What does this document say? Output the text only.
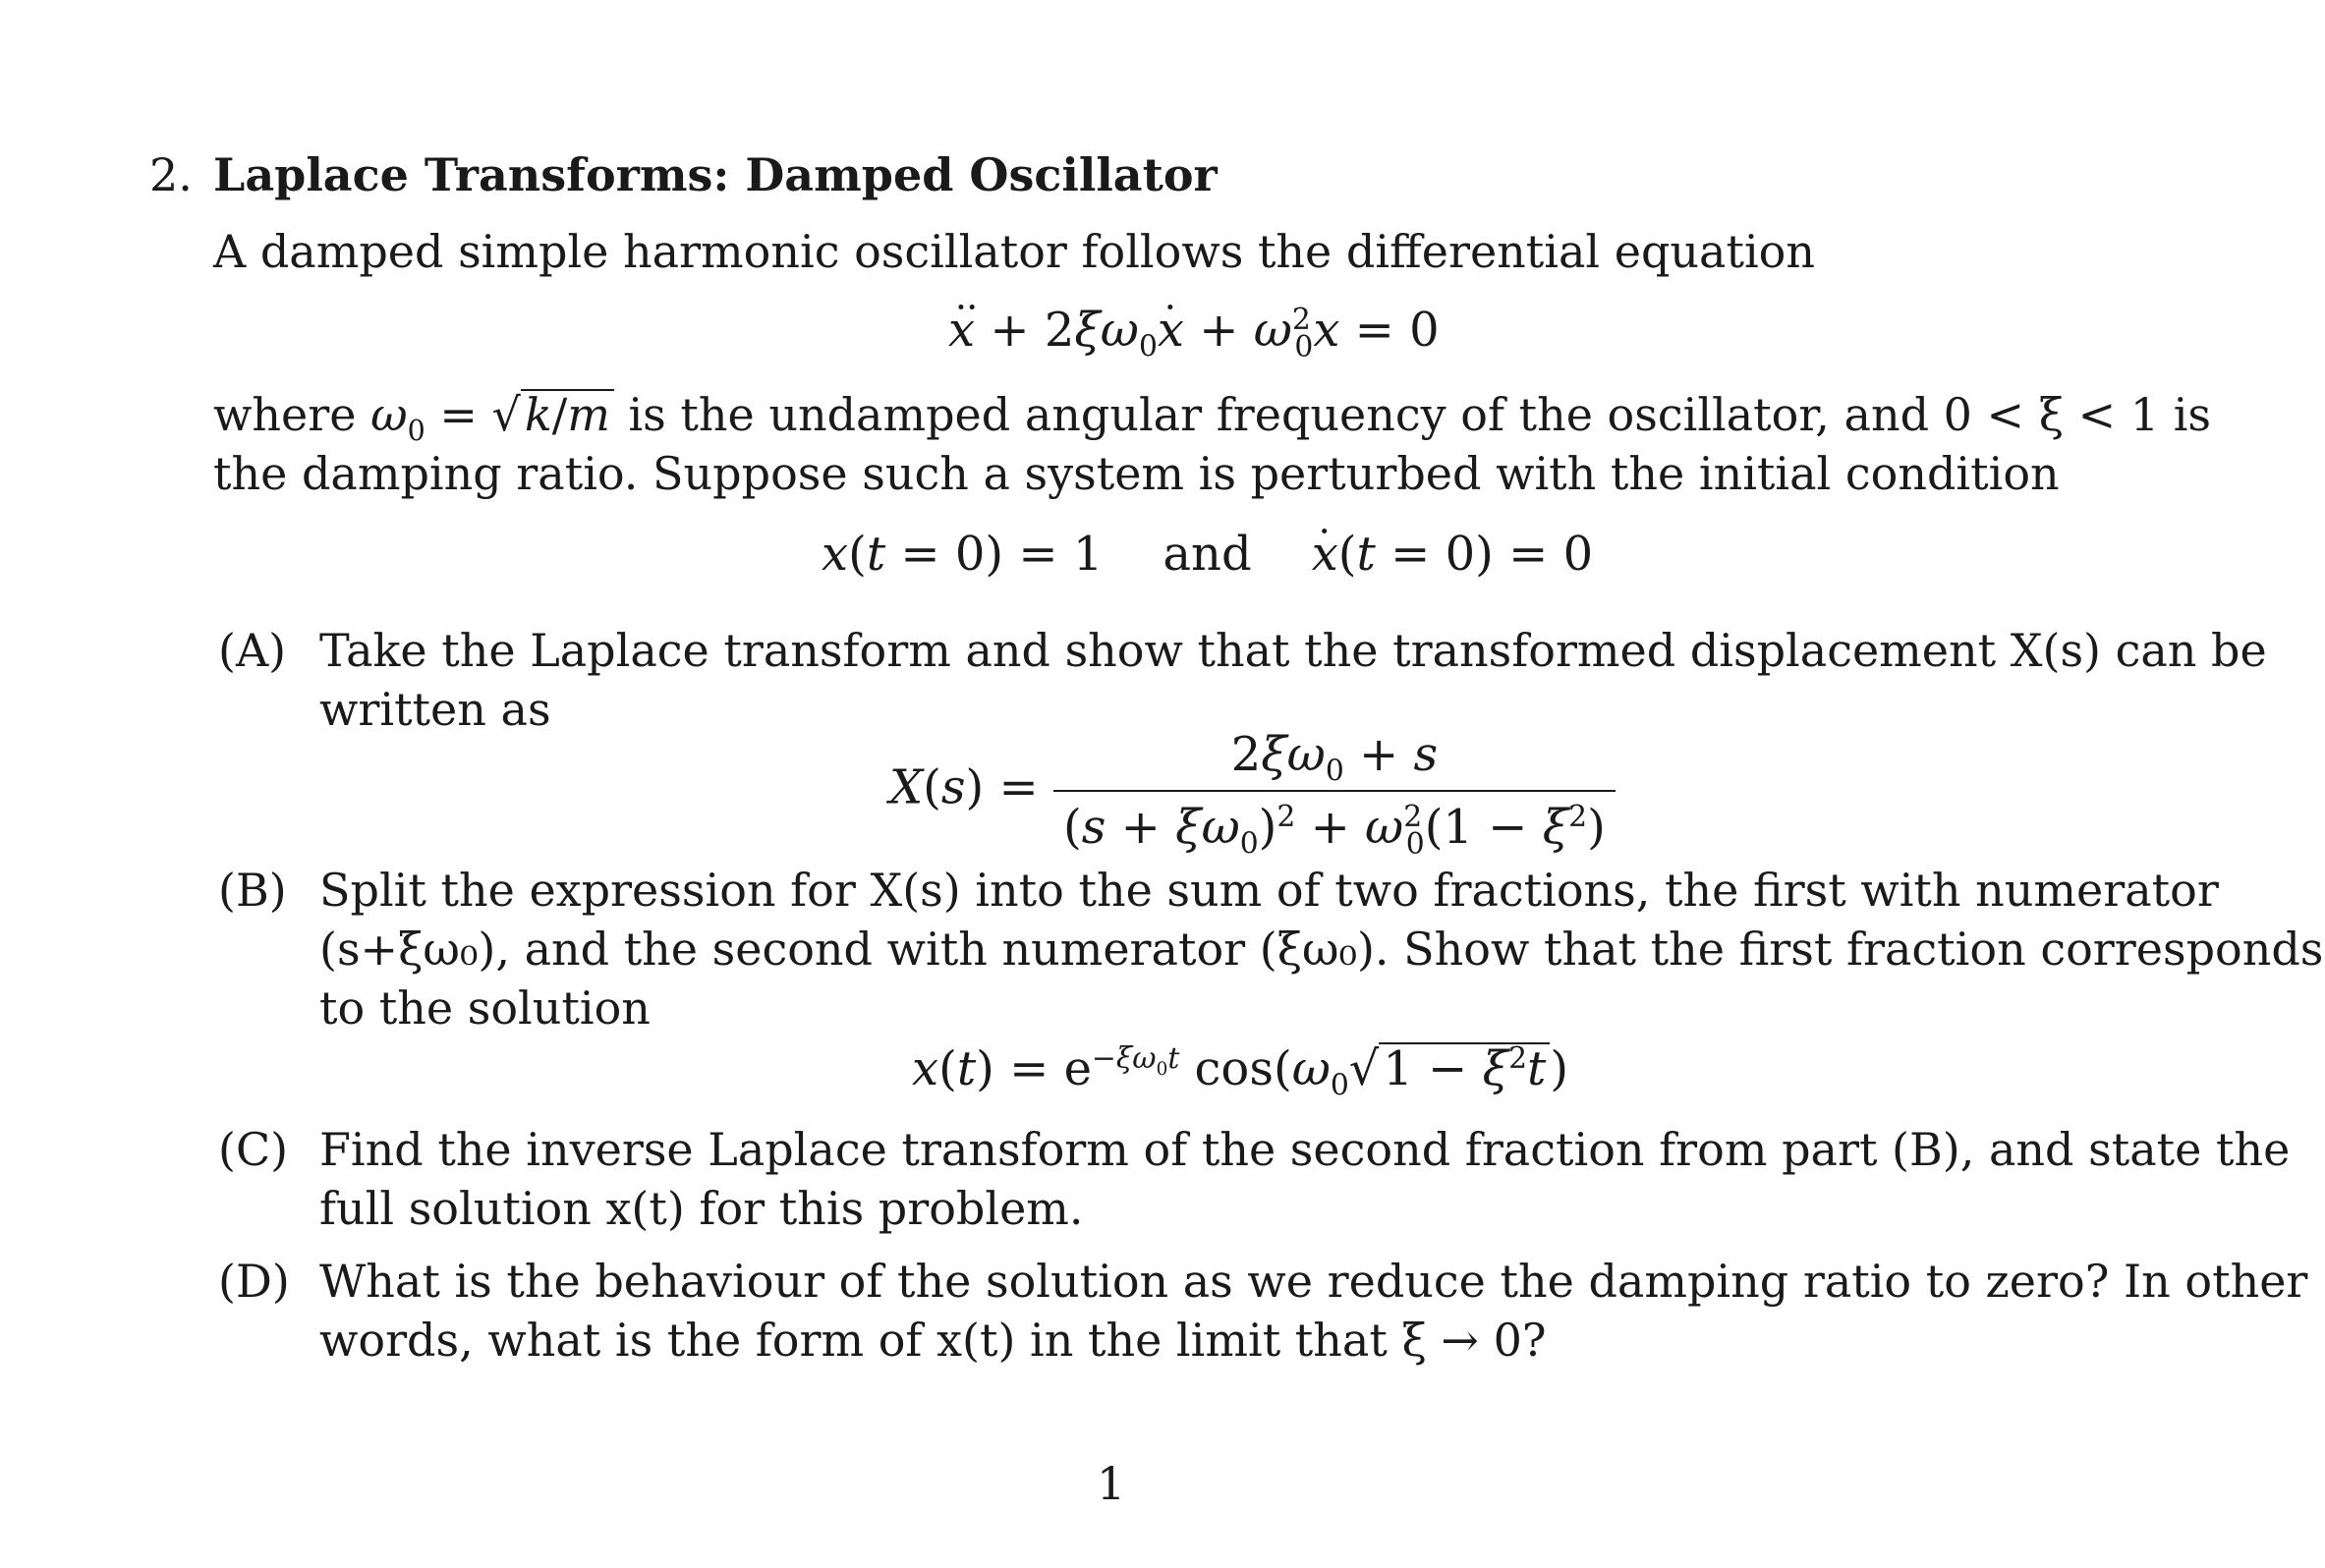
2. Laplace Transforms: Damped Oscillator
A damped simple harmonic oscillator follows the differential equation
·· $x + 2\xi\omega_0\cdot x + \omega^2_0x = 0$
where $\omega_0 = √k/m$ is the undamped angular frequency of the oscillator, and 0 < ξ < 1 is
the damping ratio. Suppose such a system is perturbed with the initial condition
x(t = 0) = 1    and    · x(t = 0) = 0
(A) Take the Laplace transform and show that the transformed displacement X(s) can be
written as
$X(s) = \frac{2\xi\omega_0 + s}{(s + \xi\omega_0)^2 + \omega^2_0(1 - \xi^2)}$
(B) Split the expression for X(s) into the sum of two fractions, the first with numerator
(s+ξω₀), and the second with numerator (ξω₀). Show that the first fraction corresponds
to the solution
$x(t) = e^{-\xi\omega_0t}$ $\cos(\omega_0√1 - \xi^2t)$
(C) Find the inverse Laplace transform of the second fraction from part (B), and state the
full solution x(t) for this problem.
(D) What is the behaviour of the solution as we reduce the damping ratio to zero? In other
words, what is the form of x(t) in the limit that ξ → 0?
1
